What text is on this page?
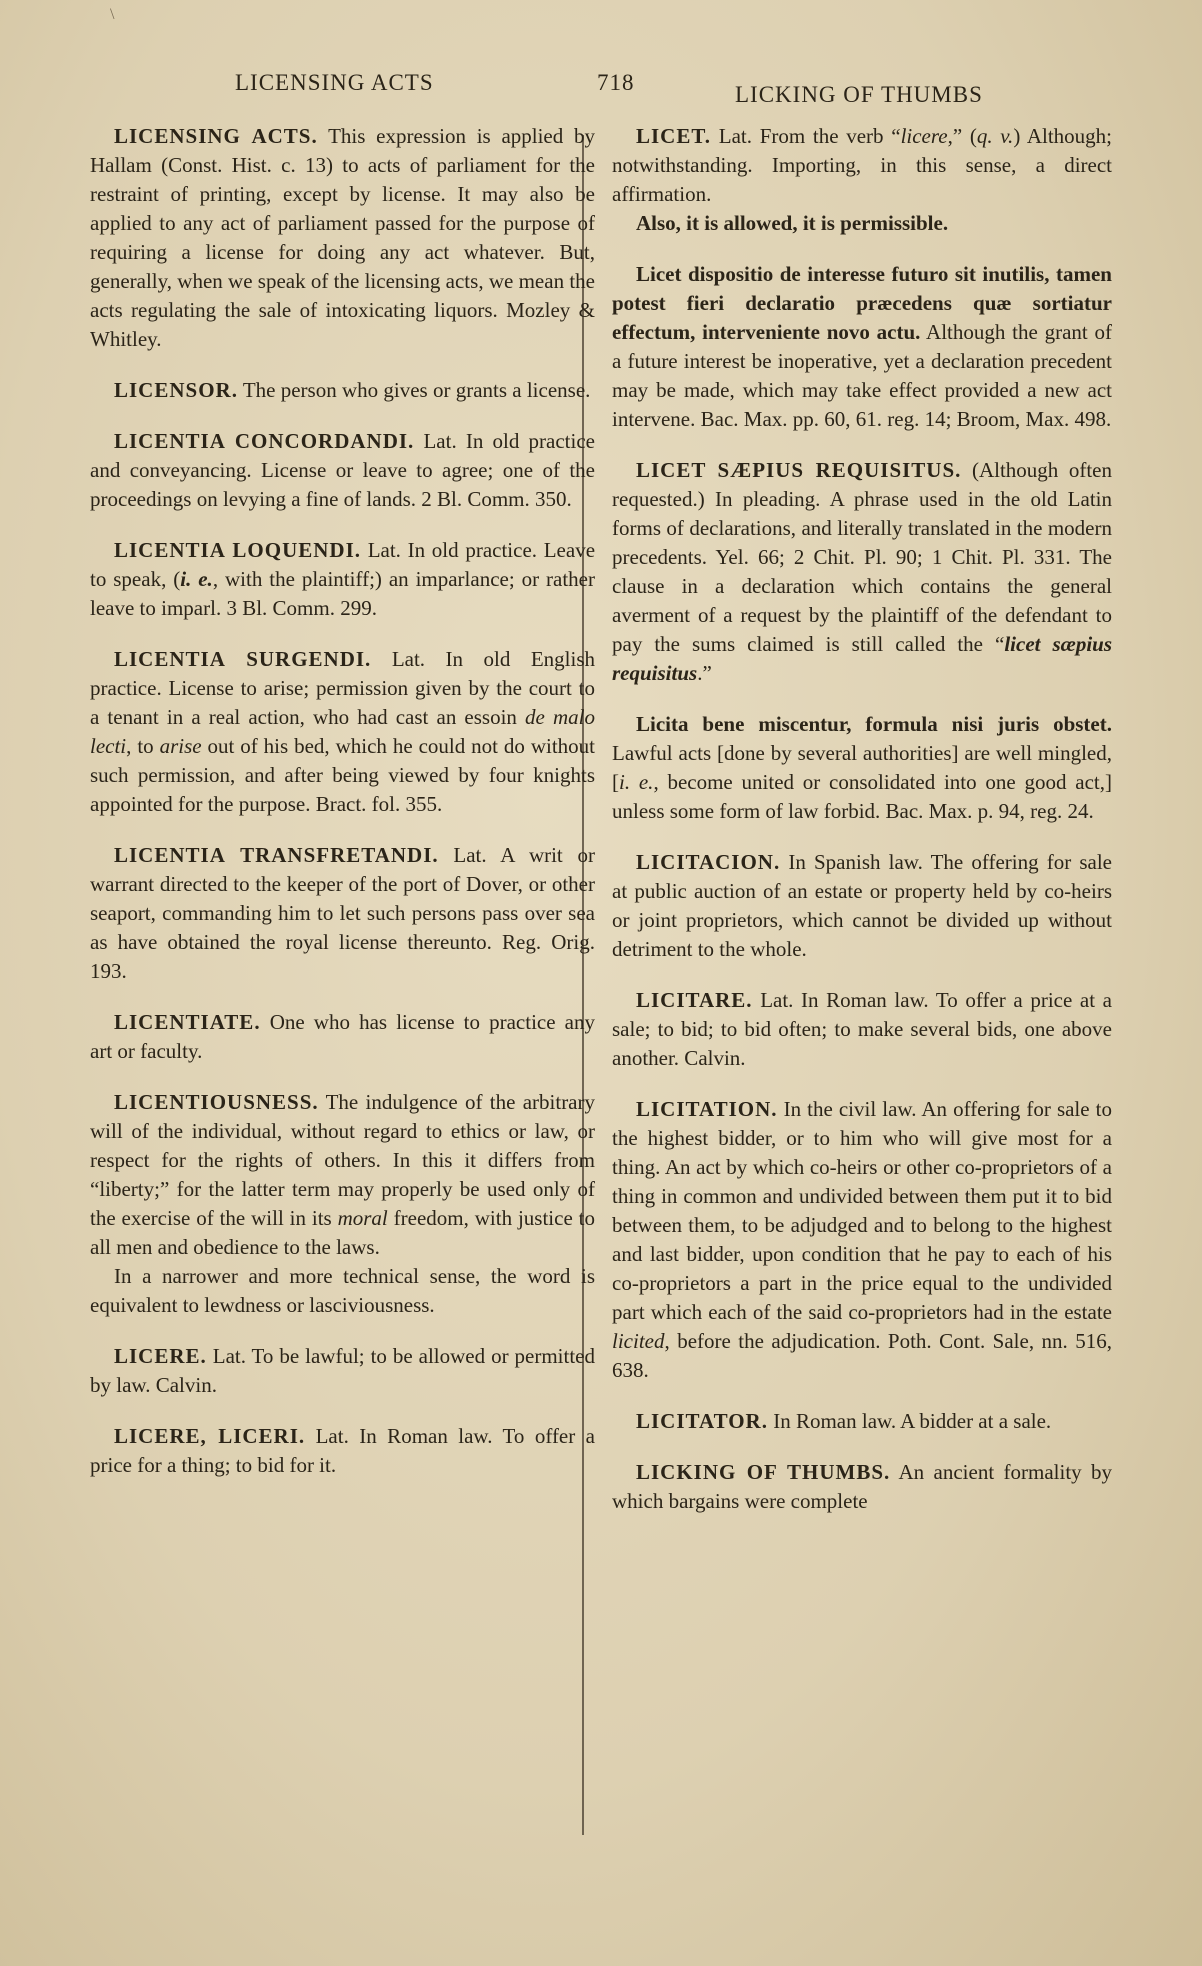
\
LICENSING ACTS	718	LICKING OF THUMBS
LICENSING ACTS. This expression is applied by Hallam (Const. Hist. c. 13) to acts of parliament for the restraint of printing, except by license. It may also be applied to any act of parliament passed for the purpose of requiring a license for doing any act whatever. But, generally, when we speak of the licensing acts, we mean the acts regulating the sale of intoxicating liquors. Mozley & Whitley.
LICENSOR. The person who gives or grants a license.
LICENTIA CONCORDANDI. Lat. In old practice and conveyancing. License or leave to agree; one of the proceedings on levying a fine of lands. 2 Bl. Comm. 350.
LICENTIA LOQUENDI. Lat. In old practice. Leave to speak, (i. e., with the plaintiff;) an imparlance; or rather leave to imparl. 3 Bl. Comm. 299.
LICENTIA SURGENDI. Lat. In old English practice. License to arise; permission given by the court to a tenant in a real action, who had cast an essoin de malo lecti, to arise out of his bed, which he could not do without such permission, and after being viewed by four knights appointed for the purpose. Bract. fol. 355.
LICENTIA TRANSFRETANDI. Lat. A writ or warrant directed to the keeper of the port of Dover, or other seaport, commanding him to let such persons pass over sea as have obtained the royal license thereunto. Reg. Orig. 193.
LICENTIATE. One who has license to practice any art or faculty.
LICENTIOUSNESS. The indulgence of the arbitrary will of the individual, without regard to ethics or law, or respect for the rights of others. In this it differs from “liberty;” for the latter term may properly be used only of the exercise of the will in its moral freedom, with justice to all men and obedience to the laws.
In a narrower and more technical sense, the word is equivalent to lewdness or lasciviousness.
LICERE. Lat. To be lawful; to be allowed or permitted by law. Calvin.
LICERE, LICERI. Lat. In Roman law. To offer a price for a thing; to bid for it.
LICET. Lat. From the verb “licere,” (q. v.) Although; notwithstanding. Importing, in this sense, a direct affirmation.
Also, it is allowed, it is permissible.
Licet dispositio de interesse futuro sit inutilis, tamen potest fieri declaratio præcedens quæ sortiatur effectum, interveniente novo actu. Although the grant of a future interest be inoperative, yet a declaration precedent may be made, which may take effect provided a new act intervene. Bac. Max. pp. 60, 61. reg. 14; Broom, Max. 498.
LICET SÆPIUS REQUISITUS. (Although often requested.) In pleading. A phrase used in the old Latin forms of declarations, and literally translated in the modern precedents. Yel. 66; 2 Chit. Pl. 90; 1 Chit. Pl. 331. The clause in a declaration which contains the general averment of a request by the plaintiff of the defendant to pay the sums claimed is still called the “licet sæpius requisitus.”
Licita bene miscentur, formula nisi juris obstet. Lawful acts [done by several authorities] are well mingled, [i. e., become united or consolidated into one good act,] unless some form of law forbid. Bac. Max. p. 94, reg. 24.
LICITACION. In Spanish law. The offering for sale at public auction of an estate or property held by co-heirs or joint proprietors, which cannot be divided up without detriment to the whole.
LICITARE. Lat. In Roman law. To offer a price at a sale; to bid; to bid often; to make several bids, one above another. Calvin.
LICITATION. In the civil law. An offering for sale to the highest bidder, or to him who will give most for a thing. An act by which co-heirs or other co-proprietors of a thing in common and undivided between them put it to bid between them, to be adjudged and to belong to the highest and last bidder, upon condition that he pay to each of his co-proprietors a part in the price equal to the undivided part which each of the said co-proprietors had in the estate licited, before the adjudication. Poth. Cont. Sale, nn. 516, 638.
LICITATOR. In Roman law. A bidder at a sale.
LICKING OF THUMBS. An ancient formality by which bargains were complete
